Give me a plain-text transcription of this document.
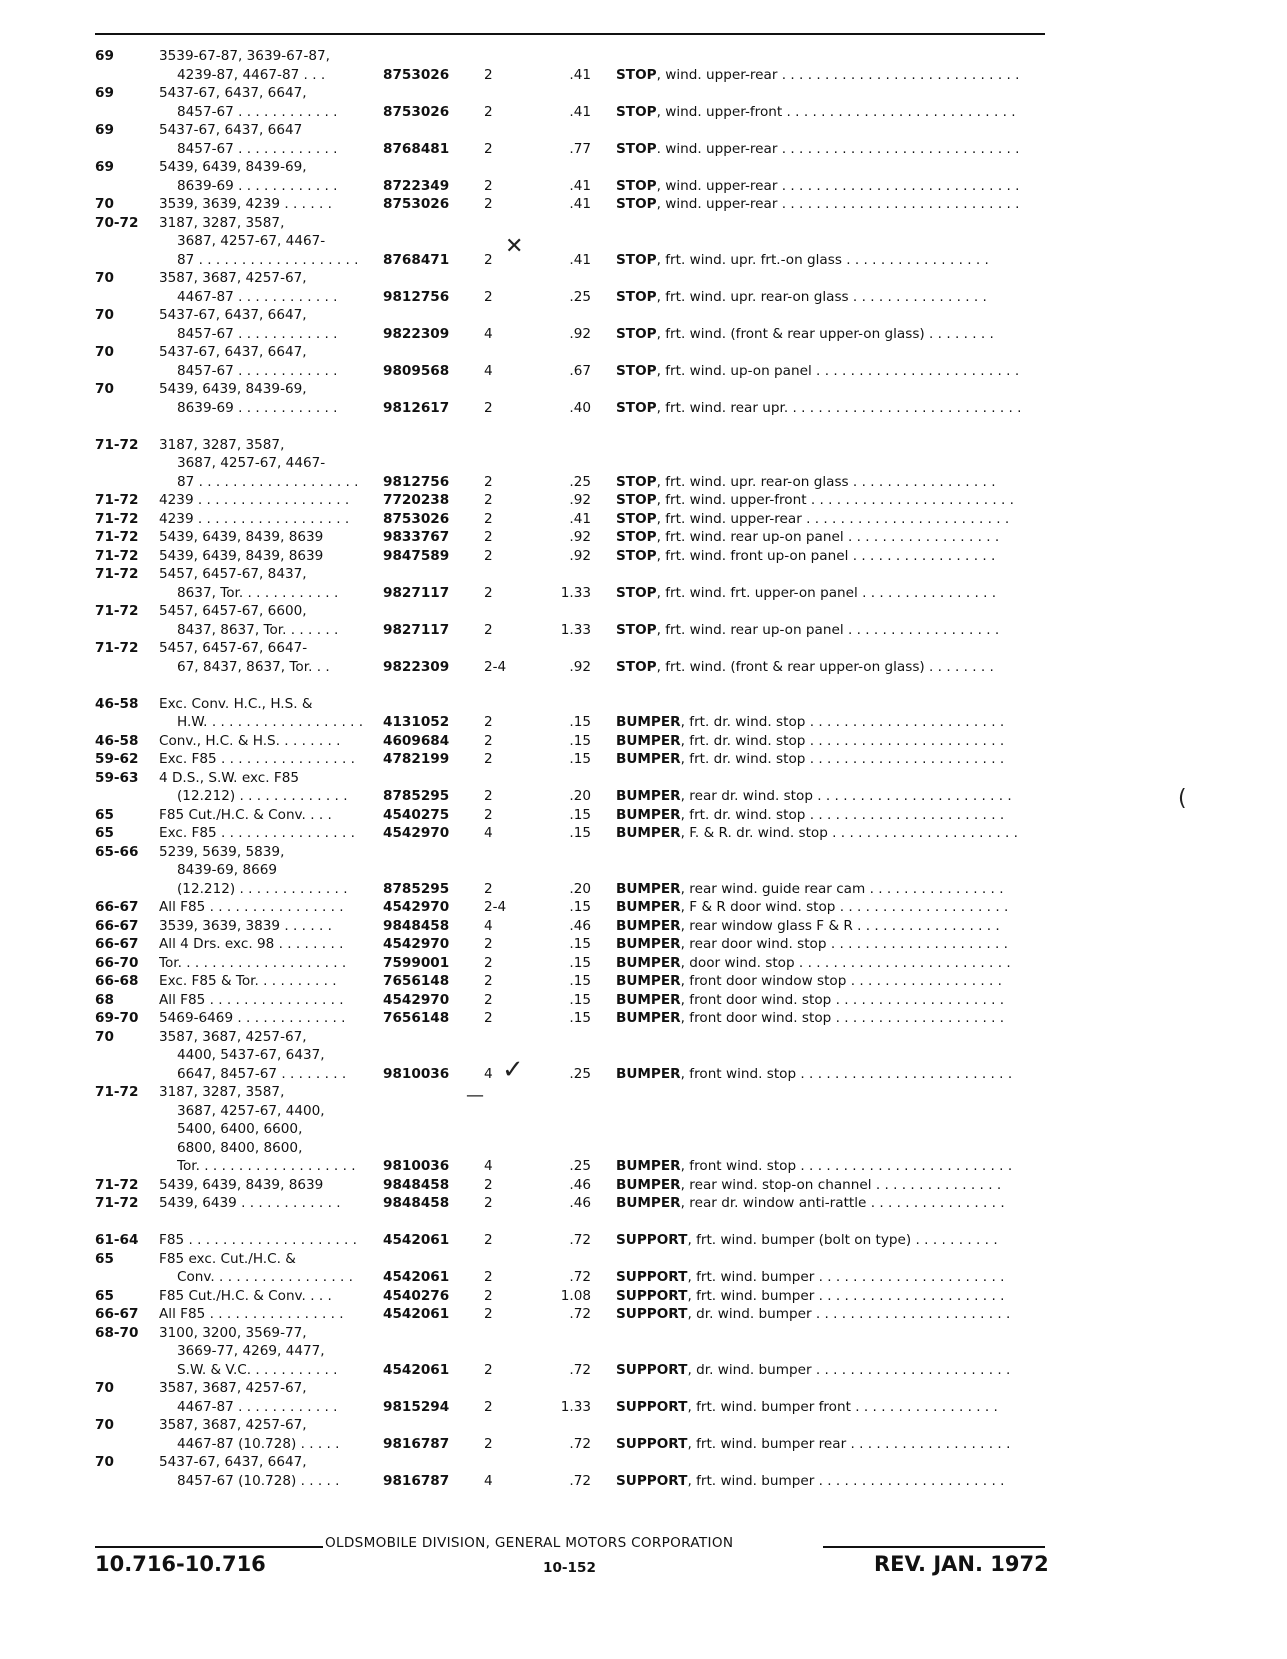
69	3539-67-87, 3639-67-87,
4239-87, 4467-87 . . .	8753026	2	.41 STOP, wind. upper-rear . . . . . . . . . . . . . . . . . . . . . . . . . . . .
69	5437-67, 6437, 6647,
8457-67 . . . . . . . . . . . .	8753026	2	.41 STOP, wind. upper-front . . . . . . . . . . . . . . . . . . . . . . . . . . .
69	5437-67, 6437, 6647
8457-67 . . . . . . . . . . . .	8768481	2	.77 STOP. wind. upper-rear . . . . . . . . . . . . . . . . . . . . . . . . . . . .
69	5439, 6439, 8439-69,
8639-69 . . . . . . . . . . . .	8722349	2	.41 STOP, wind. upper-rear . . . . . . . . . . . . . . . . . . . . . . . . . . . .
70	3539, 3639, 4239 . . . . . .	8753026	2	.41 STOP, wind. upper-rear . . . . . . . . . . . . . . . . . . . . . . . . . . . .
70-72 3187, 3287, 3587,
3687, 4257-67, 4467-
87 . . . . . . . . . . . . . . . . . . .	8768471	2	.41 STOP, frt. wind. upr. frt.-on glass . . . . . . . . . . . . . . . . .
70	3587, 3687, 4257-67,
4467-87 . . . . . . . . . . . .	9812756	2	.25 STOP, frt. wind. upr. rear-on glass . . . . . . . . . . . . . . . .
70	5437-67, 6437, 6647,
8457-67 . . . . . . . . . . . .	9822309	4	.92 STOP, frt. wind. (front & rear upper-on glass) . . . . . . . .
70	5437-67, 6437, 6647,
8457-67 . . . . . . . . . . . .	9809568	4	.67 STOP, frt. wind. up-on panel . . . . . . . . . . . . . . . . . . . . . . . .
70	5439, 6439, 8439-69,
8639-69 . . . . . . . . . . . .	9812617	2	.40 STOP, frt. wind. rear upr. . . . . . . . . . . . . . . . . . . . . . . . . . . .
71-72 3187, 3287, 3587,
3687, 4257-67, 4467-
87 . . . . . . . . . . . . . . . . . . .	9812756	2	.25 STOP, frt. wind. upr. rear-on glass . . . . . . . . . . . . . . . . .
71-72 4239 . . . . . . . . . . . . . . . . . .	7720238	2	.92 STOP, frt. wind. upper-front . . . . . . . . . . . . . . . . . . . . . . . .
71-72 4239 . . . . . . . . . . . . . . . . . .	8753026	2	.41 STOP, frt. wind. upper-rear . . . . . . . . . . . . . . . . . . . . . . . .
71-72 5439, 6439, 8439, 8639	9833767	2	.92 STOP, frt. wind. rear up-on panel . . . . . . . . . . . . . . . . . .
71-72 5439, 6439, 8439, 8639	9847589	2	.92 STOP, frt. wind. front up-on panel . . . . . . . . . . . . . . . . .
71-72 5457, 6457-67, 8437,
8637, Tor. . . . . . . . . . . .	9827117	2	1.33 STOP, frt. wind. frt. upper-on panel . . . . . . . . . . . . . . . .
71-72 5457, 6457-67, 6600,
8437, 8637, Tor. . . . . . .	9827117	2	1.33 STOP, frt. wind. rear up-on panel . . . . . . . . . . . . . . . . . .
71-72 5457, 6457-67, 6647-
67, 8437, 8637, Tor. . .	9822309	2-4	.92 STOP, frt. wind. (front & rear upper-on glass) . . . . . . . .
46-58 Exc. Conv. H.C., H.S. &
H.W. . . . . . . . . . . . . . . . . . .	4131052	2	.15 BUMPER, frt. dr. wind. stop . . . . . . . . . . . . . . . . . . . . . . .
46-58 Conv., H.C. & H.S. . . . . . . .	4609684	2	.15 BUMPER, frt. dr. wind. stop . . . . . . . . . . . . . . . . . . . . . . .
59-62 Exc. F85 . . . . . . . . . . . . . . . .	4782199	2	.15 BUMPER, frt. dr. wind. stop . . . . . . . . . . . . . . . . . . . . . . .
59-63 4 D.S., S.W. exc. F85
(12.212) . . . . . . . . . . . . .	8785295	2	.20 BUMPER, rear dr. wind. stop . . . . . . . . . . . . . . . . . . . . . . .
65	F85 Cut./H.C. & Conv. . . .	4540275	2	.15 BUMPER, frt. dr. wind. stop . . . . . . . . . . . . . . . . . . . . . . .
65	Exc. F85 . . . . . . . . . . . . . . . .	4542970	4	.15 BUMPER, F. & R. dr. wind. stop . . . . . . . . . . . . . . . . . . . . . .
65-66 5239, 5639, 5839,
8439-69, 8669
(12.212) . . . . . . . . . . . . .	8785295	2	.20 BUMPER, rear wind. guide rear cam . . . . . . . . . . . . . . . .
66-67 All F85 . . . . . . . . . . . . . . . .	4542970	2-4	.15 BUMPER, F & R door wind. stop . . . . . . . . . . . . . . . . . . . .
66-67 3539, 3639, 3839 . . . . . .	9848458	4	.46 BUMPER, rear window glass F & R . . . . . . . . . . . . . . . . .
66-67 All 4 Drs. exc. 98 . . . . . . . .	4542970	2	.15 BUMPER, rear door wind. stop . . . . . . . . . . . . . . . . . . . . .
66-70 Tor. . . . . . . . . . . . . . . . . . . .	7599001	2	.15 BUMPER, door wind. stop . . . . . . . . . . . . . . . . . . . . . . . . .
66-68 Exc. F85 & Tor. . . . . . . . . .	7656148	2	.15 BUMPER, front door window stop . . . . . . . . . . . . . . . . . .
68	All F85 . . . . . . . . . . . . . . . .	4542970	2	.15 BUMPER, front door wind. stop . . . . . . . . . . . . . . . . . . . .
69-70 5469-6469 . . . . . . . . . . . . .	7656148	2	.15 BUMPER, front door wind. stop . . . . . . . . . . . . . . . . . . . .
70	3587, 3687, 4257-67,
4400, 5437-67, 6437,
6647, 8457-67 . . . . . . . .	9810036	4	.25 BUMPER, front wind. stop . . . . . . . . . . . . . . . . . . . . . . . . .
71-72 3187, 3287, 3587,
3687, 4257-67, 4400,
5400, 6400, 6600,
6800, 8400, 8600,
Tor. . . . . . . . . . . . . . . . . . .	9810036	4	.25 BUMPER, front wind. stop . . . . . . . . . . . . . . . . . . . . . . . . .
71-72 5439, 6439, 8439, 8639	9848458	2	.46 BUMPER, rear wind. stop-on channel . . . . . . . . . . . . . . .
71-72 5439, 6439 . . . . . . . . . . . .	9848458	2	.46 BUMPER, rear dr. window anti-rattle . . . . . . . . . . . . . . . .
61-64 F85 . . . . . . . . . . . . . . . . . . . .	4542061	2	.72 SUPPORT, frt. wind. bumper (bolt on type) . . . . . . . . . .
65	F85 exc. Cut./H.C. &
Conv. . . . . . . . . . . . . . . . .	4542061	2	.72 SUPPORT, frt. wind. bumper . . . . . . . . . . . . . . . . . . . . . .
65	F85 Cut./H.C. & Conv. . . .	4540276	2	1.08 SUPPORT, frt. wind. bumper . . . . . . . . . . . . . . . . . . . . . .
66-67 All F85 . . . . . . . . . . . . . . . .	4542061	2	.72 SUPPORT, dr. wind. bumper . . . . . . . . . . . . . . . . . . . . . . .
68-70 3100, 3200, 3569-77,
3669-77, 4269, 4477,
S.W. & V.C. . . . . . . . . . .	4542061	2	.72 SUPPORT, dr. wind. bumper . . . . . . . . . . . . . . . . . . . . . . .
70	3587, 3687, 4257-67,
4467-87 . . . . . . . . . . . .	9815294	2	1.33 SUPPORT, frt. wind. bumper front . . . . . . . . . . . . . . . . .
70	3587, 3687, 4257-67,
4467-87 (10.728) . . . . .	9816787	2	.72 SUPPORT, frt. wind. bumper rear . . . . . . . . . . . . . . . . . . .
70	5437-67, 6437, 6647,
8457-67 (10.728) . . . . .	9816787	4	.72 SUPPORT, frt. wind. bumper . . . . . . . . . . . . . . . . . . . . . .
✕
✓
—
(
OLDSMOBILE DIVISION, GENERAL MOTORS CORPORATION
10.716-10.716	10-152	REV. JAN. 1972
